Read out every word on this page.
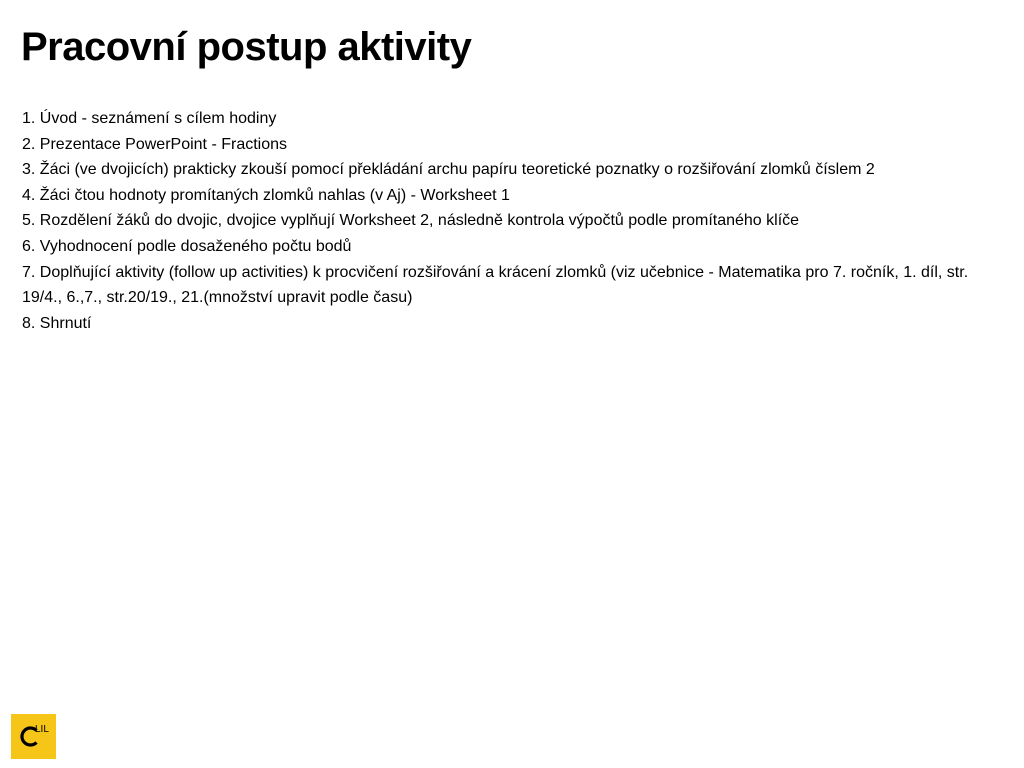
Pracovní postup aktivity
1. Úvod - seznámení s cílem hodiny
2. Prezentace PowerPoint - Fractions
3. Žáci (ve dvojicích) prakticky zkouší pomocí překládání archu papíru teoretické poznatky o rozšiřování zlomků číslem 2
4. Žáci čtou hodnoty promítaných zlomků nahlas (v Aj) - Worksheet 1
5. Rozdělení žáků do dvojic, dvojice vyplňují Worksheet 2, následně kontrola výpočtů podle promítaného klíče
6. Vyhodnocení podle dosaženého počtu bodů
7. Doplňující aktivity (follow up activities) k procvičení rozšiřování a krácení zlomků (viz učebnice - Matematika pro 7. ročník, 1. díl, str. 19/4., 6.,7., str.20/19., 21.(množství upravit podle času)
8. Shrnutí
LIL
